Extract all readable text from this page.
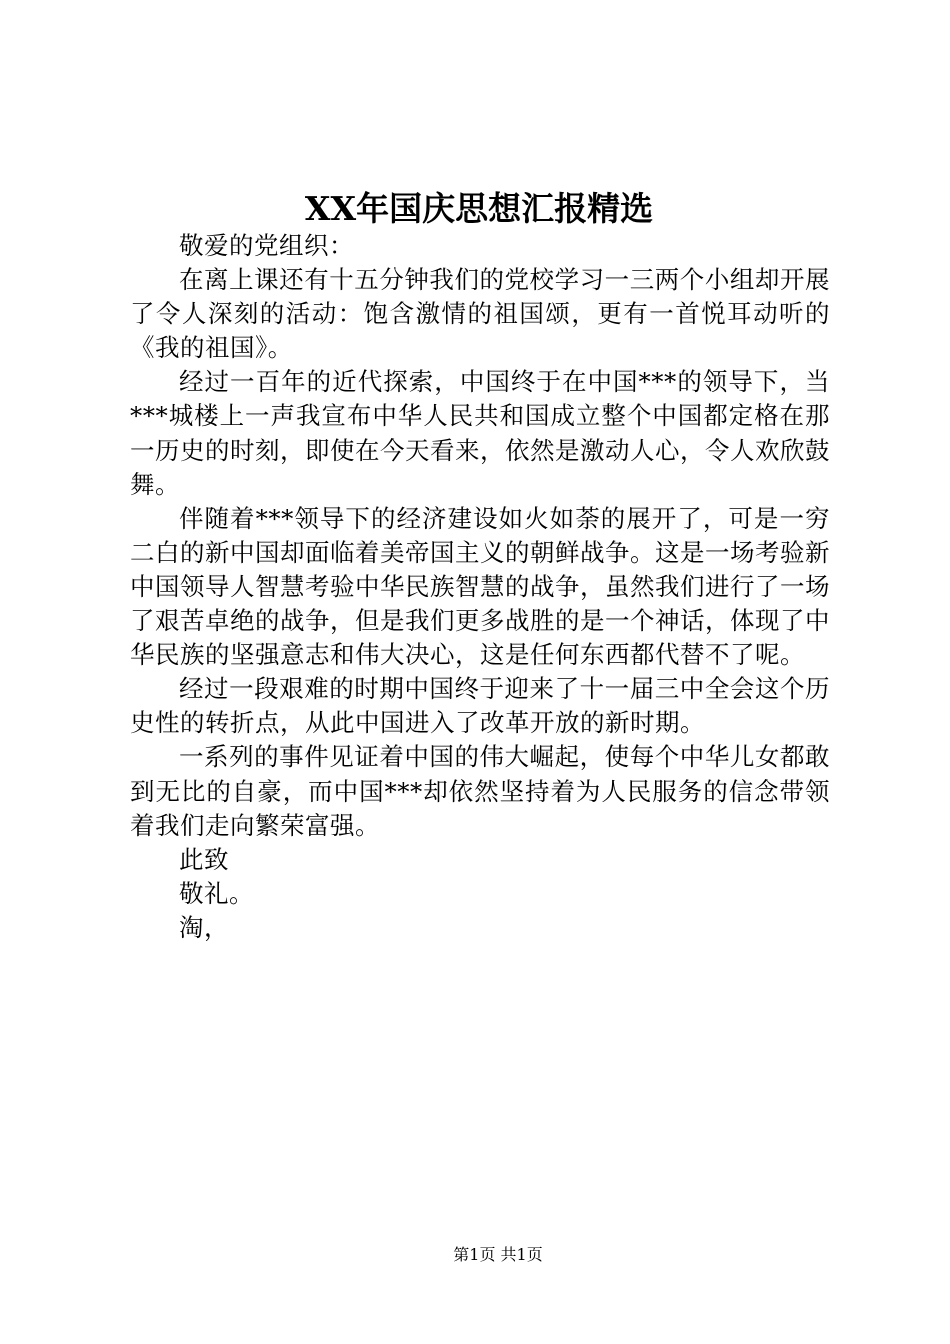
XX年国庆思想汇报精选

敬爱的党组织：

在离上课还有十五分钟我们的党校学习一三两个小组却开展了令人深刻的活动：饱含激情的祖国颂，更有一首悦耳动听的《我的祖国》。

经过一百年的近代探索，中国终于在中国***的领导下，当***城楼上一声我宣布中华人民共和国成立整个中国都定格在那一历史的时刻，即使在今天看来，依然是激动人心，令人欢欣鼓舞。

伴随着***领导下的经济建设如火如荼的展开了，可是一穷二白的新中国却面临着美帝国主义的朝鲜战争。这是一场考验新中国领导人智慧考验中华民族智慧的战争，虽然我们进行了一场了艰苦卓绝的战争，但是我们更多战胜的是一个神话，体现了中华民族的坚强意志和伟大决心，这是任何东西都代替不了呢。

经过一段艰难的时期中国终于迎来了十一届三中全会这个历史性的转折点，从此中国进入了改革开放的新时期。

一系列的事件见证着中国的伟大崛起，使每个中华儿女都敢到无比的自豪，而中国***却依然坚持着为人民服务的信念带领着我们走向繁荣富强。

此致

敬礼。

淘，

第1页 共1页
